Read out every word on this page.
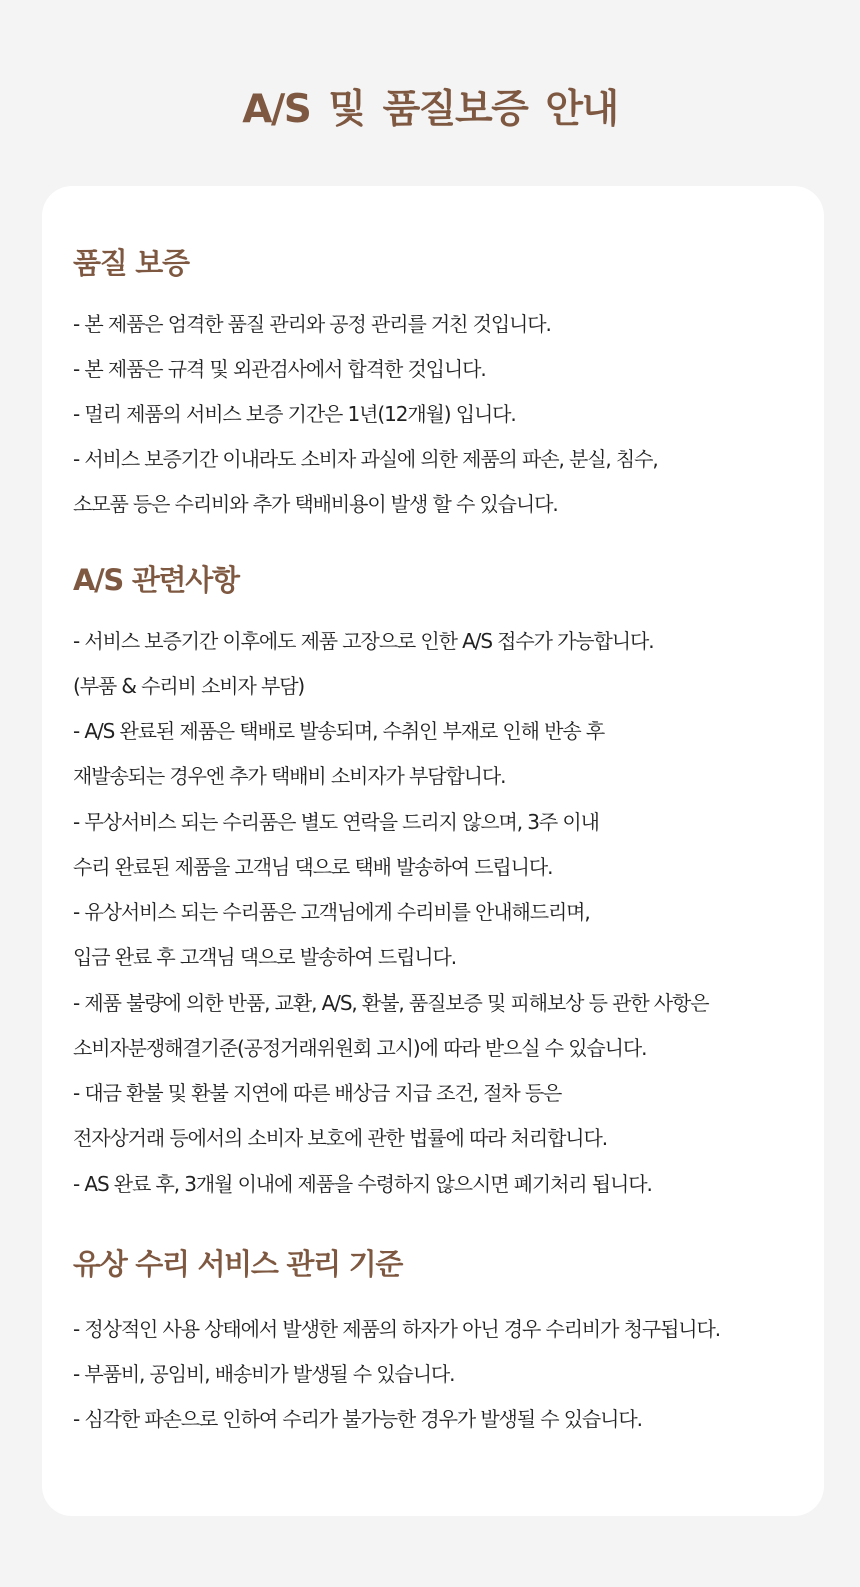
A/S 및 품질보증 안내
품질 보증

- 본 제품은 엄격한 품질 관리와 공정 관리를 거친 것입니다.

- 본 제품은 규격 및 외관검사에서 합격한 것입니다.

- 멀리 제품의 서비스 보증 기간은 1년(12개월) 입니다.

- 서비스 보증기간 이내라도 소비자 과실에 의한 제품의 파손, 분실, 침수,

소모품 등은 수리비와 추가 택배비용이 발생 할 수 있습니다.

A/S 관련사항

- 서비스 보증기간 이후에도 제품 고장으로 인한 A/S 접수가 가능합니다.

(부품 & 수리비 소비자 부담)

- A/S 완료된 제품은 택배로 발송되며, 수취인 부재로 인해 반송 후

재발송되는 경우엔 추가 택배비 소비자가 부담합니다.

- 무상서비스 되는 수리품은 별도 연락을 드리지 않으며, 3주 이내

수리 완료된 제품을 고객님 댁으로 택배 발송하여 드립니다.

- 유상서비스 되는 수리품은 고객님에게 수리비를 안내해드리며,

입금 완료 후 고객님 댁으로 발송하여 드립니다.

- 제품 불량에 의한 반품, 교환, A/S, 환불, 품질보증 및 피해보상 등 관한 사항은

소비자분쟁해결기준(공정거래위원회 고시)에 따라 받으실 수 있습니다.

- 대금 환불 및 환불 지연에 따른 배상금 지급 조건, 절차 등은

전자상거래 등에서의 소비자 보호에 관한 법률에 따라 처리합니다.

- AS 완료 후, 3개월 이내에 제품을 수령하지 않으시면 폐기처리 됩니다.

유상 수리 서비스 관리 기준

- 정상적인 사용 상태에서 발생한 제품의 하자가 아닌 경우 수리비가 청구됩니다.

- 부품비, 공임비, 배송비가 발생될 수 있습니다.

- 심각한 파손으로 인하여 수리가 불가능한 경우가 발생될 수 있습니다.
